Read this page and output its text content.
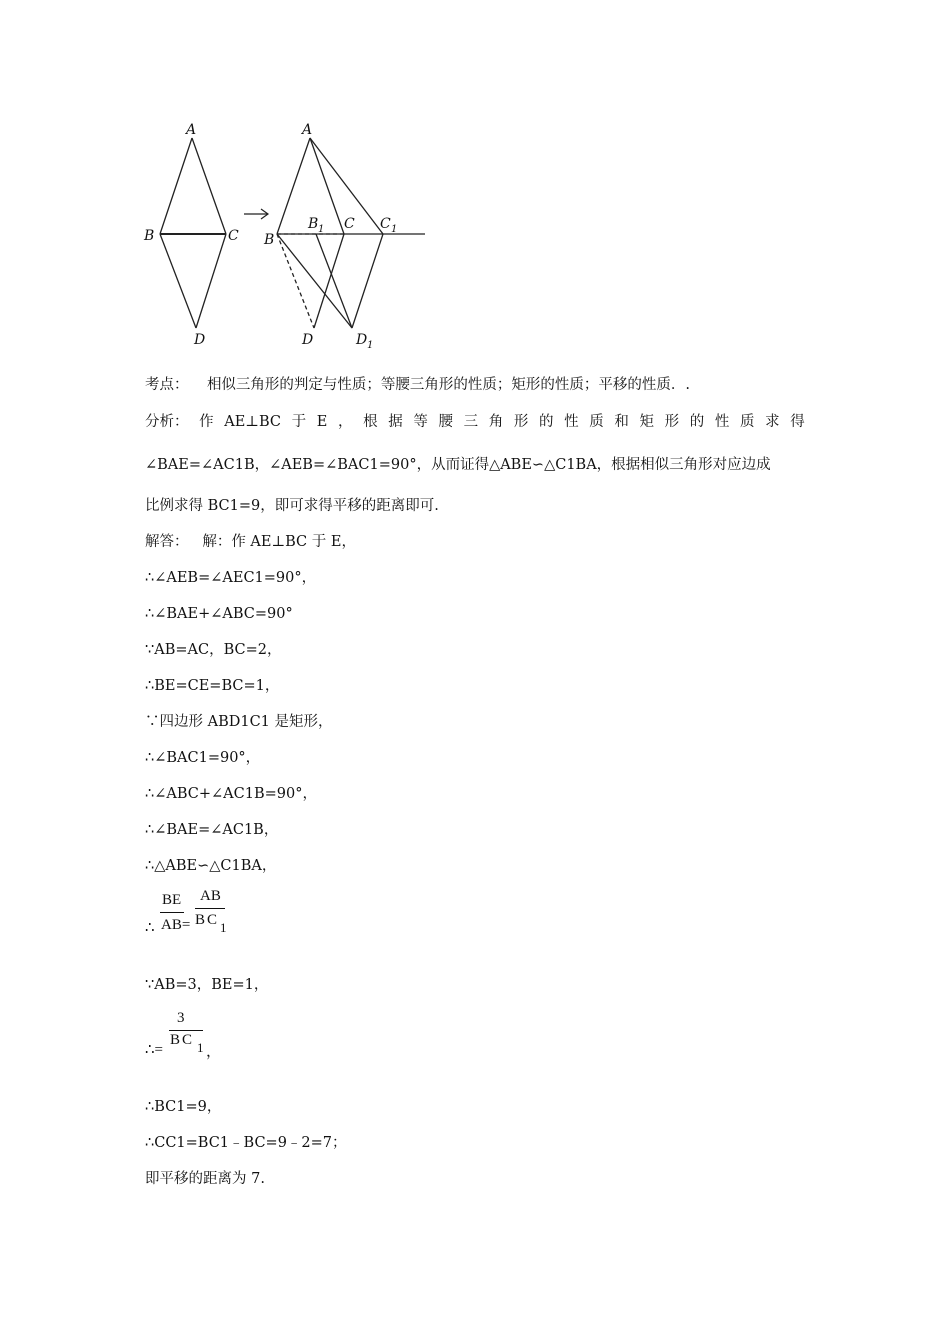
A
B	C
D
A
B
B 1 C C 1
D	D 1
考点： 相似三角形的判定与性质；等腰三角形的性质；矩形的性质；平移的性质．.
分析： 作 AE⊥BC 于 E ， 根 据 等 腰 三 角 形 的 性 质 和 矩 形 的 性 质 求 得
∠BAE=∠AC1B，∠AEB=∠BAC1=90°，从而证得△ABE∽△C1BA，根据相似三角形对应边成
比例求得 BC1=9，即可求得平移的距离即可.
解答： 解：作 AE⊥BC 于 E，
∴∠AEB=∠AEC1=90°，
∴∠BAE+∠ABC=90°
∵AB=AC，BC=2，
∴BE=CE=BC=1，
∵四边形 ABD1C1 是矩形，
∴∠BAC1=90°，
∴∠ABC+∠AC1B=90°，
∴∠BAE=∠AC1B，
∴△ABE∽△C1BA，
∴
BE
AB=
AB
BC 1
∵AB=3，BE=1，
∴=
3
BC 1 ，
∴BC1=9，
∴CC1=BC1﹣BC=9﹣2=7；
即平移的距离为 7.
